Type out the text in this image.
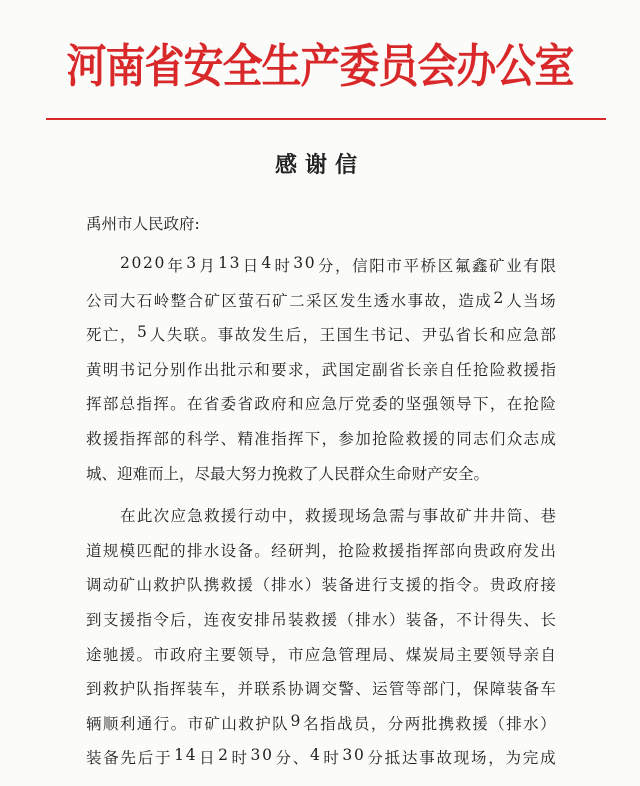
河南省安全生产委员会办公室
感谢信
禹州市人民政府:
2 0 2 0 年 3 月 1 3 日 4 时 3 0 分 ， 信 阳 市 平 桥 区 氟 鑫 矿 业 有 限
公 司 大 石 岭 整 合 矿 区 萤 石 矿 二 采 区 发 生 透 水 事 故 ， 造 成 2 人 当 场
死 亡 ， 5 人 失 联 。 事 故 发 生 后 ， 王 国 生 书 记 、 尹 弘 省 长 和 应 急 部
黄 明 书 记 分 别 作 出 批 示 和 要 求 ， 武 国 定 副 省 长 亲 自 任 抢 险 救 援 指
挥 部 总 指 挥 。 在 省 委 省 政 府 和 应 急 厅 党 委 的 坚 强 领 导 下 ， 在 抢 险
救 援 指 挥 部 的 科 学 、 精 准 指 挥 下 ， 参 加 抢 险 救 援 的 同 志 们 众 志 成
城、迎难而上，尽最大努力挽救了人民群众生命财产安全。
在 此 次 应 急 救 援 行 动 中 ， 救 援 现 场 急 需 与 事 故 矿 井 井 筒 、 巷
道 规 模 匹 配 的 排 水 设 备 。 经 研 判 ， 抢 险 救 援 指 挥 部 向 贵 政 府 发 出
调 动 矿 山 救 护 队 携 救 援 （ 排 水 ） 装 备 进 行 支 援 的 指 令 。 贵 政 府 接
到 支 援 指 令 后 ， 连 夜 安 排 吊 装 救 援 （ 排 水 ） 装 备 ， 不 计 得 失 、 长
途 驰 援 。 市 政 府 主 要 领 导 ， 市 应 急 管 理 局 、 煤 炭 局 主 要 领 导 亲 自
到 救 护 队 指 挥 装 车 ， 并 联 系 协 调 交 警 、 运 管 等 部 门 ， 保 障 装 备 车
辆 顺 利 通 行 。 市 矿 山 救 护 队 9 名 指 战 员 ， 分 两 批 携 救 援 （ 排 水 ）
装 备 先 后 于 1 4 日 2 时 3 0 分 、 4 时 3 0 分 抵 达 事 故 现 场 ， 为 完 成
